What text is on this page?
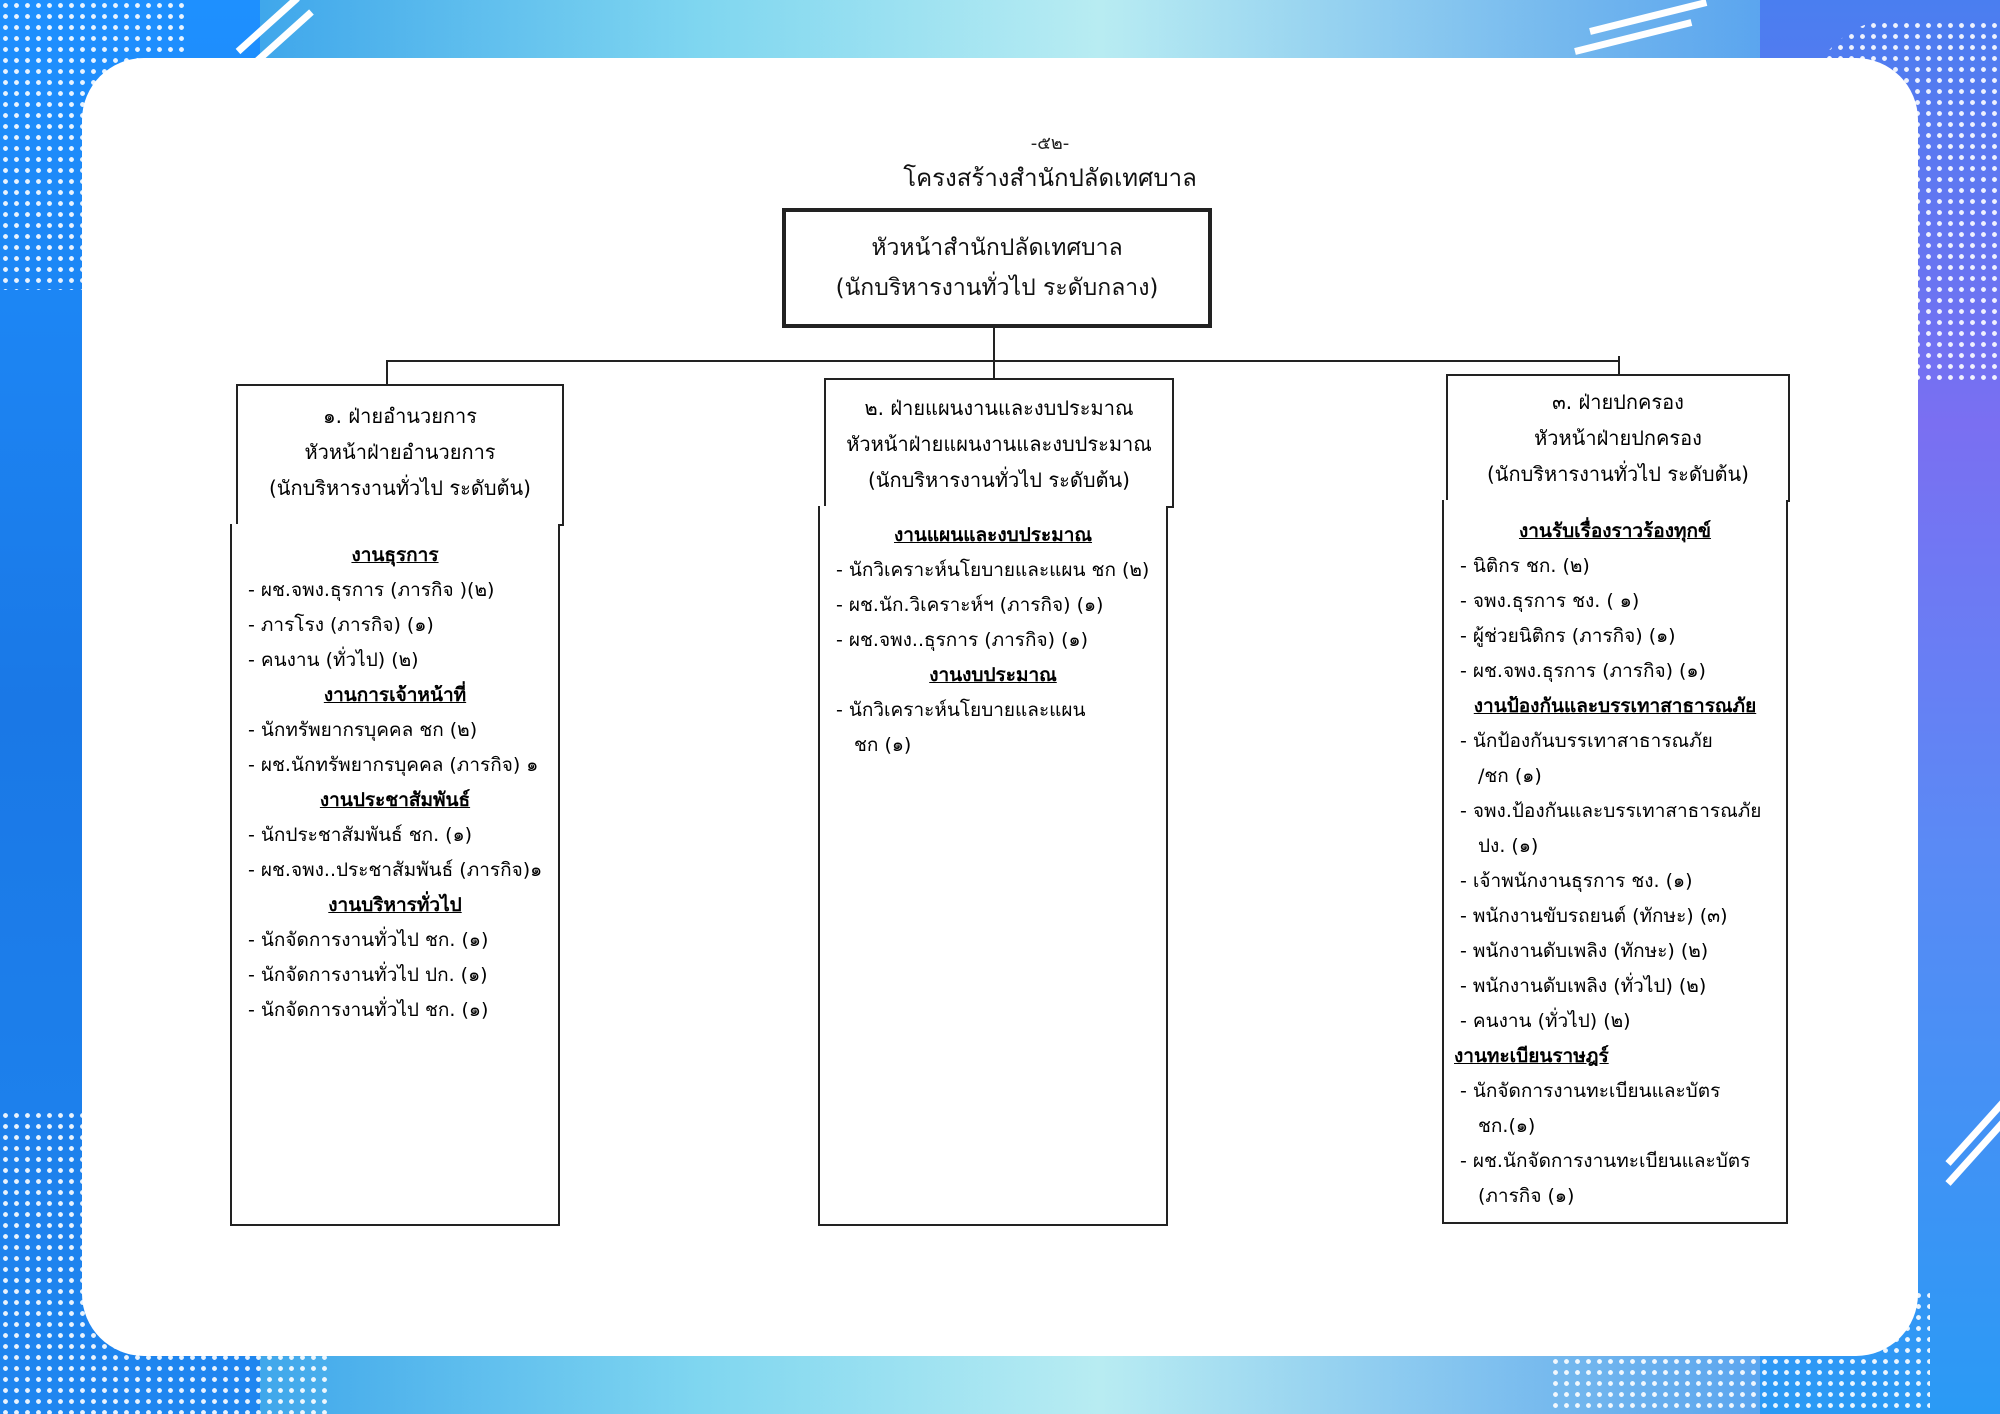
-๕๒-
โครงสร้างสำนักปลัดเทศบาล
หัวหน้าสำนักปลัดเทศบาล
(นักบริหารงานทั่วไป ระดับกลาง)
๑. ฝ่ายอำนวยการ
หัวหน้าฝ่ายอำนวยการ
(นักบริหารงานทั่วไป ระดับต้น)
งานธุรการ
- ผช.จพง.ธุรการ (ภารกิจ )(๒)
- ภารโรง (ภารกิจ) (๑)
- คนงาน (ทั่วไป) (๒)
งานการเจ้าหน้าที่
- นักทรัพยากรบุคคล ชก (๒)
- ผช.นักทรัพยากรบุคคล (ภารกิจ) ๑
งานประชาสัมพันธ์
- นักประชาสัมพันธ์ ชก. (๑)
- ผช.จพง..ประชาสัมพันธ์ (ภารกิจ)๑
งานบริหารทั่วไป
- นักจัดการงานทั่วไป ชก. (๑)
- นักจัดการงานทั่วไป ปก. (๑)
- นักจัดการงานทั่วไป ชก. (๑)
๒. ฝ่ายแผนงานและงบประมาณ
หัวหน้าฝ่ายแผนงานและงบประมาณ
(นักบริหารงานทั่วไป ระดับต้น)
งานแผนและงบประมาณ
- นักวิเคราะห์นโยบายและแผน ชก (๒)
- ผช.นัก.วิเคราะห์ฯ (ภารกิจ) (๑)
- ผช.จพง..ธุรการ (ภารกิจ) (๑)
งานงบประมาณ
- นักวิเคราะห์นโยบายและแผน
ชก (๑)
๓. ฝ่ายปกครอง
หัวหน้าฝ่ายปกครอง
(นักบริหารงานทั่วไป ระดับต้น)
งานรับเรื่องราวร้องทุกข์
- นิติกร ชก. (๒)
- จพง.ธุรการ ชง. ( ๑)
- ผู้ช่วยนิติกร (ภารกิจ) (๑)
- ผช.จพง.ธุรการ (ภารกิจ) (๑)
งานป้องกันและบรรเทาสาธารณภัย
- นักป้องกันบรรเทาสาธารณภัย
/ชก (๑)
- จพง.ป้องกันและบรรเทาสาธารณภัย
ปง. (๑)
- เจ้าพนักงานธุรการ ชง. (๑)
- พนักงานขับรถยนต์ (ทักษะ) (๓)
- พนักงานดับเพลิง (ทักษะ) (๒)
- พนักงานดับเพลิง (ทั่วไป) (๒)
- คนงาน (ทั่วไป) (๒)
งานทะเบียนราษฎร์
- นักจัดการงานทะเบียนและบัตร
ชก.(๑)
- ผช.นักจัดการงานทะเบียนและบัตร
(ภารกิจ (๑)
